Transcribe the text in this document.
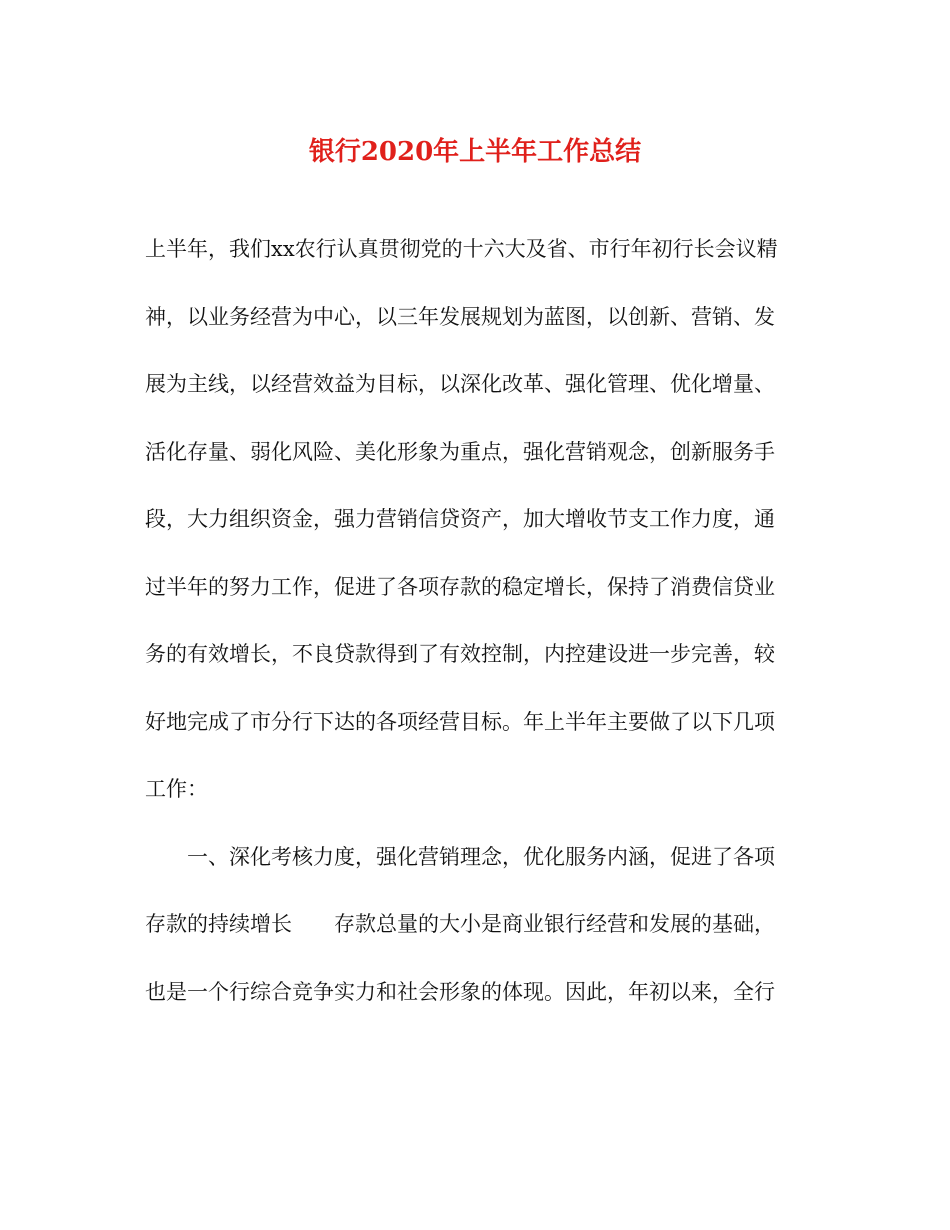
银行2020年上半年工作总结
上半年，我们xx农行认真贯彻党的十六大及省、市行年初行长会议精
神，以业务经营为中心，以三年发展规划为蓝图，以创新、营销、发
展为主线，以经营效益为目标，以深化改革、强化管理、优化增量、
活化存量、弱化风险、美化形象为重点，强化营销观念，创新服务手
段，大力组织资金，强力营销信贷资产，加大增收节支工作力度，通
过半年的努力工作，促进了各项存款的稳定增长，保持了消费信贷业
务的有效增长，不良贷款得到了有效控制，内控建设进一步完善，较
好地完成了市分行下达的各项经营目标。年上半年主要做了以下几项
工作：
一、深化考核力度，强化营销理念，优化服务内涵，促进了各项
存款的持续增长　　存款总量的大小是商业银行经营和发展的基础，
也是一个行综合竞争实力和社会形象的体现。因此，年初以来，全行
